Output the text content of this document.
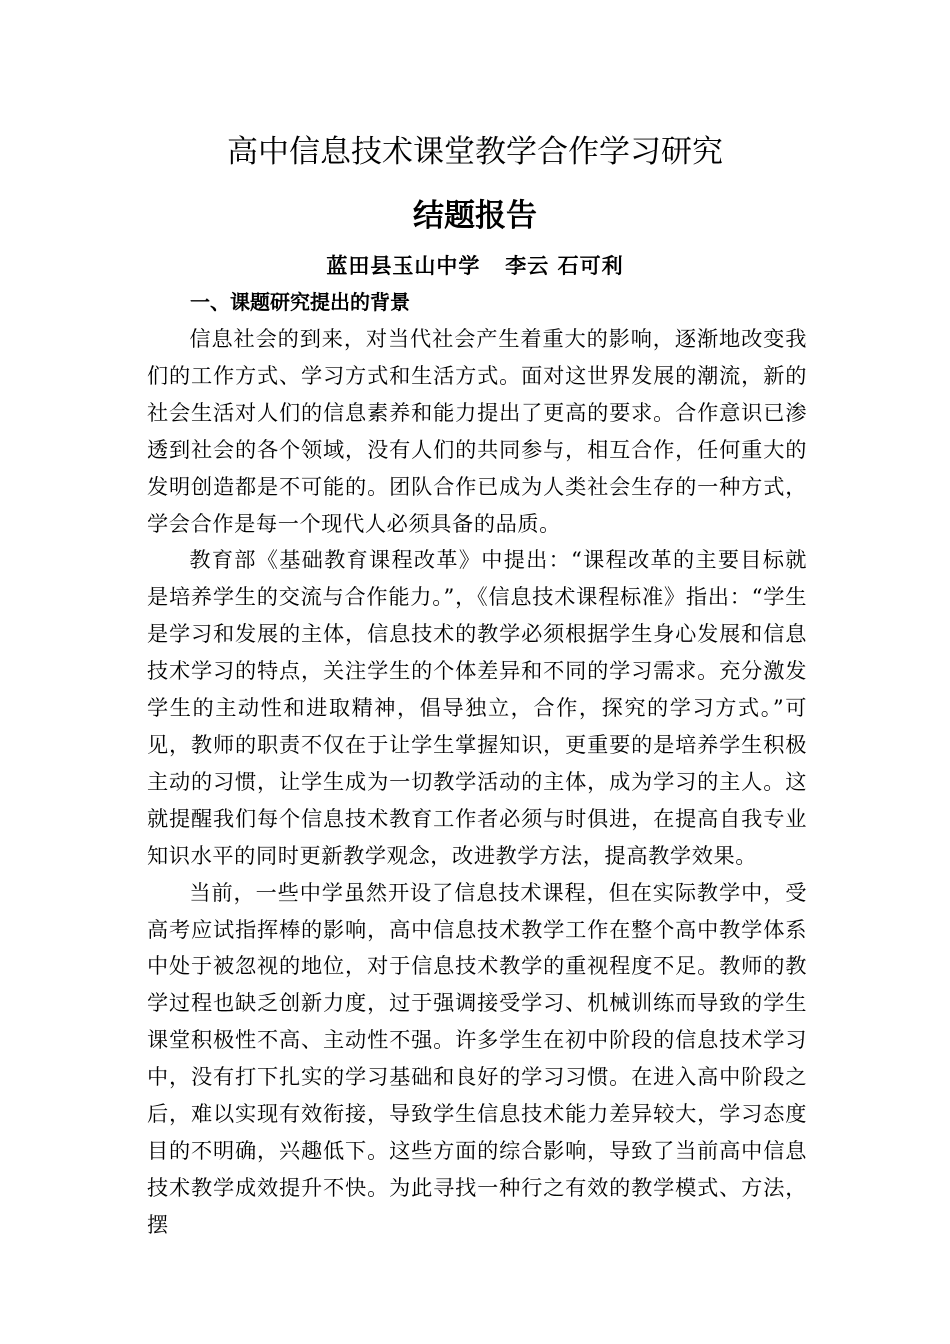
高中信息技术课堂教学合作学习研究
结题报告

蓝田县玉山中学   李云 石可利

一、课题研究提出的背景

信息社会的到来，对当代社会产生着重大的影响，逐渐地改变我们的工作方式、学习方式和生活方式。面对这世界发展的潮流，新的社会生活对人们的信息素养和能力提出了更高的要求。合作意识已渗透到社会的各个领域，没有人们的共同参与，相互合作，任何重大的发明创造都是不可能的。团队合作已成为人类社会生存的一种方式，学会合作是每一个现代人必须具备的品质。

教育部《基础教育课程改革》中提出：“课程改革的主要目标就是培养学生的交流与合作能力。”，《信息技术课程标准》指出：“学生是学习和发展的主体，信息技术的教学必须根据学生身心发展和信息技术学习的特点，关注学生的个体差异和不同的学习需求。充分激发学生的主动性和进取精神，倡导独立，合作，探究的学习方式。”可见，教师的职责不仅在于让学生掌握知识，更重要的是培养学生积极主动的习惯，让学生成为一切教学活动的主体，成为学习的主人。这就提醒我们每个信息技术教育工作者必须与时俱进，在提高自我专业知识水平的同时更新教学观念，改进教学方法，提高教学效果。

当前，一些中学虽然开设了信息技术课程，但在实际教学中，受高考应试指挥棒的影响，高中信息技术教学工作在整个高中教学体系中处于被忽视的地位，对于信息技术教学的重视程度不足。教师的教学过程也缺乏创新力度，过于强调接受学习、机械训练而导致的学生课堂积极性不高、主动性不强。许多学生在初中阶段的信息技术学习中，没有打下扎实的学习基础和良好的学习习惯。在进入高中阶段之后，难以实现有效衔接，导致学生信息技术能力差异较大，学习态度目的不明确，兴趣低下。这些方面的综合影响，导致了当前高中信息技术教学成效提升不快。为此寻找一种行之有效的教学模式、方法，摆
